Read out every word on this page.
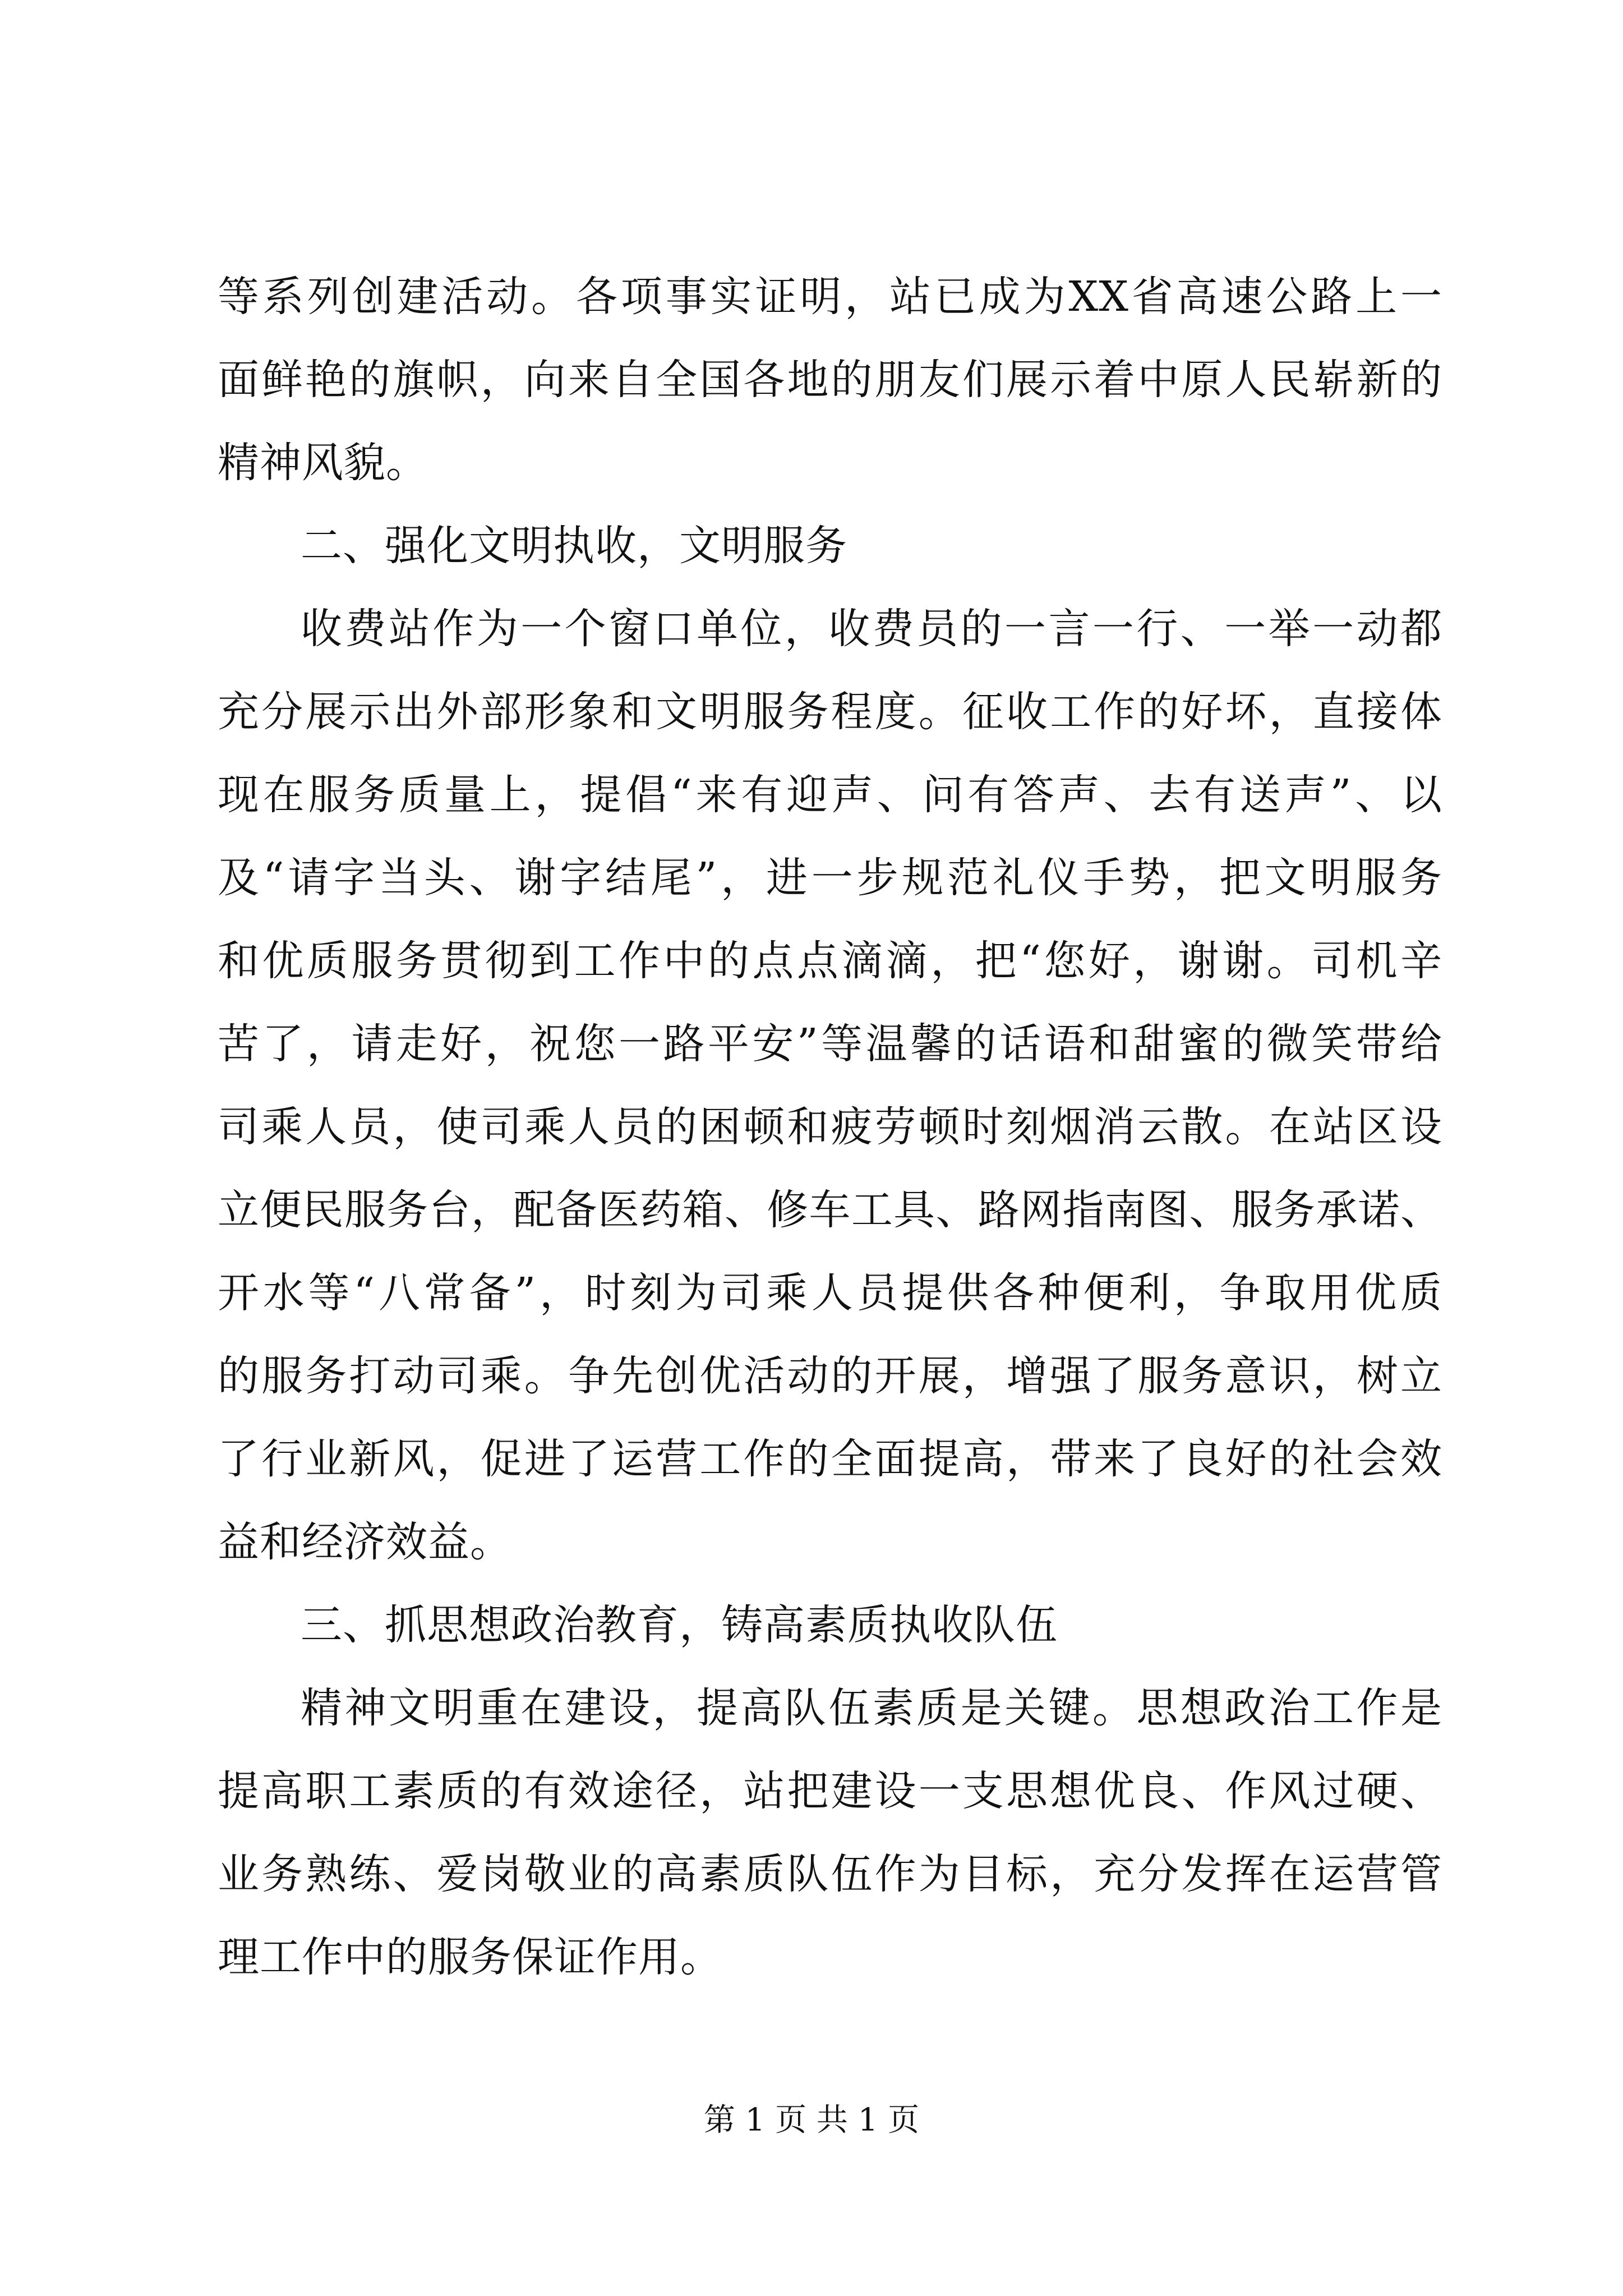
等系列创建活动。各项事实证明，站已成为XX省高速公路上一
面鲜艳的旗帜，向来自全国各地的朋友们展示着中原人民崭新的
精神风貌。
二、强化文明执收，文明服务
收费站作为一个窗口单位，收费员的一言一行、一举一动都
充分展示出外部形象和文明服务程度。征收工作的好坏，直接体
现在服务质量上，提倡“来有迎声、问有答声、去有送声”、以
及“请字当头、谢字结尾”，进一步规范礼仪手势，把文明服务
和优质服务贯彻到工作中的点点滴滴，把“您好，谢谢。司机辛
苦了，请走好，祝您一路平安”等温馨的话语和甜蜜的微笑带给
司乘人员，使司乘人员的困顿和疲劳顿时刻烟消云散。在站区设
立便民服务台，配备医药箱、修车工具、路网指南图、服务承诺、
开水等“八常备”，时刻为司乘人员提供各种便利，争取用优质
的服务打动司乘。争先创优活动的开展，增强了服务意识，树立
了行业新风，促进了运营工作的全面提高，带来了良好的社会效
益和经济效益。
三、抓思想政治教育，铸高素质执收队伍
精神文明重在建设，提高队伍素质是关键。思想政治工作是
提高职工素质的有效途径，站把建设一支思想优良、作风过硬、
业务熟练、爱岗敬业的高素质队伍作为目标，充分发挥在运营管
理工作中的服务保证作用。
第 1 页 共 1 页
